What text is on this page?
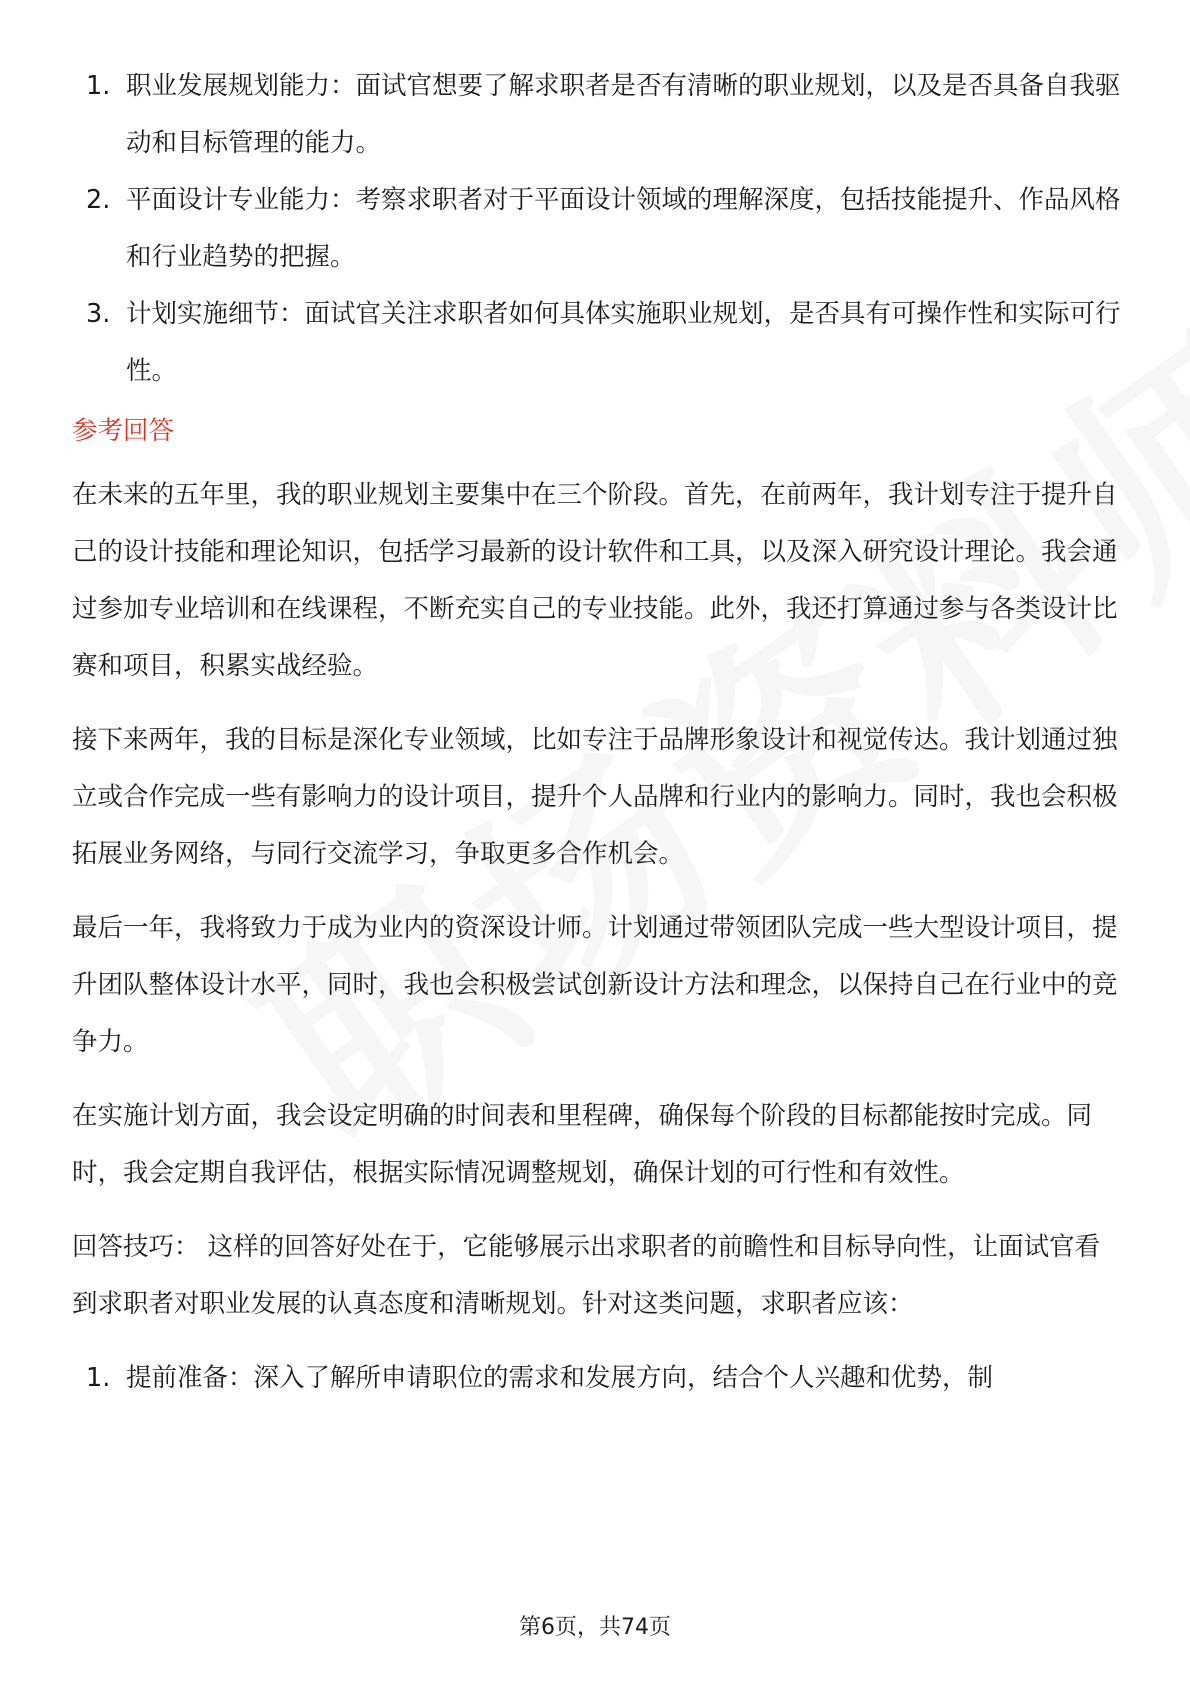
1. 职业发展规划能力：面试官想要了解求职者是否有清晰的职业规划，以及是否具备自我驱动和目标管理的能力。
2. 平面设计专业能力：考察求职者对于平面设计领域的理解深度，包括技能提升、作品风格和行业趋势的把握。
3. 计划实施细节：面试官关注求职者如何具体实施职业规划，是否具有可操作性和实际可行性。
参考回答

在未来的五年里，我的职业规划主要集中在三个阶段。首先，在前两年，我计划专注于提升自己的设计技能和理论知识，包括学习最新的设计软件和工具，以及深入研究设计理论。我会通过参加专业培训和在线课程，不断充实自己的专业技能。此外，我还打算通过参与各类设计比赛和项目，积累实战经验。

接下来两年，我的目标是深化专业领域，比如专注于品牌形象设计和视觉传达。我计划通过独立或合作完成一些有影响力的设计项目，提升个人品牌和行业内的影响力。同时，我也会积极拓展业务网络，与同行交流学习，争取更多合作机会。

最后一年，我将致力于成为业内的资深设计师。计划通过带领团队完成一些大型设计项目，提升团队整体设计水平，同时，我也会积极尝试创新设计方法和理念，以保持自己在行业中的竞争力。

在实施计划方面，我会设定明确的时间表和里程碑，确保每个阶段的目标都能按时完成。同时，我会定期自我评估，根据实际情况调整规划，确保计划的可行性和有效性。

回答技巧： 这样的回答好处在于，它能够展示出求职者的前瞻性和目标导向性，让面试官看到求职者对职业发展的认真态度和清晰规划。针对这类问题，求职者应该：

1. 提前准备：深入了解所申请职位的需求和发展方向，结合个人兴趣和优势，制
第6页，共74页
